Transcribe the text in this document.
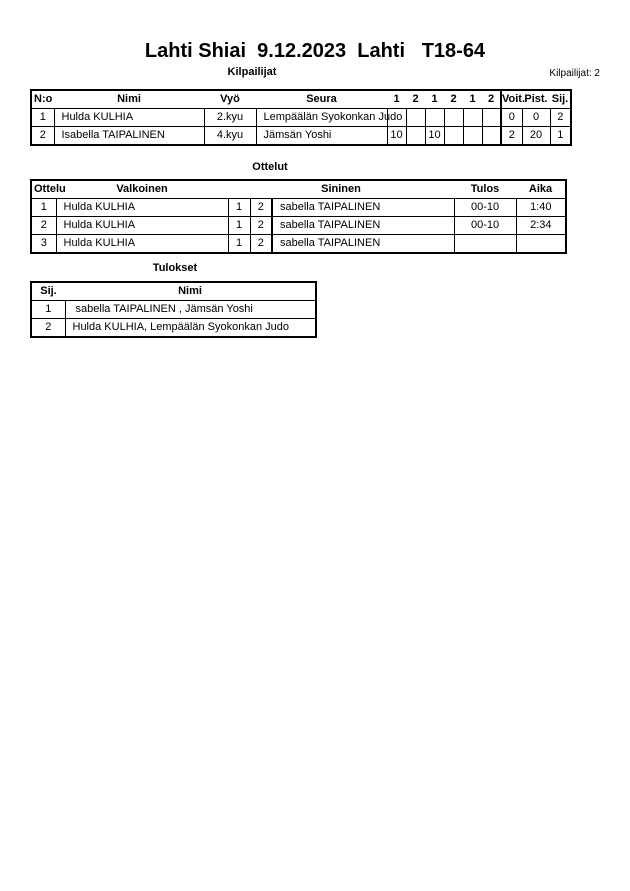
Lahti Shiai  9.12.2023  Lahti   T18-64
Kilpailijat	Kilpailijat: 2
N:o	Nimi	Vyö	Seura	1	2	1	2	1	2	Voit.	Pist.	Sij.
1	Hulda KULHIA	2.kyu	Lempäälän Syokonkan Judo							0	0	2
2	Isabella TAIPALINEN	4.kyu	Jämsän Yoshi	10		10				2	20	1
Ottelut
Ottelu	Valkoinen	Sininen			Tulos	Aika
1	Hulda KULHIA	1	2	sabella TAIPALINEN	00-10	1:40
2	Hulda KULHIA	1	2	sabella TAIPALINEN	00-10	2:34
3	Hulda KULHIA	1	2	sabella TAIPALINEN		
Tulokset
Sij.	Nimi
1	sabella TAIPALINEN , Jämsän Yoshi
2	Hulda KULHIA, Lempäälän Syokonkan Judo
